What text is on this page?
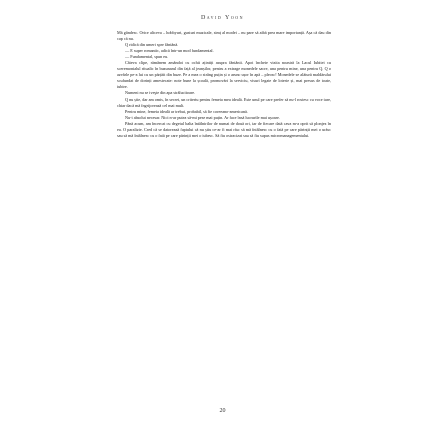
David Yoon

Mă gândesc. Orice altceva – hobbyuri, gusturi muzicale, simț al modei – nu pare să aibă prea mare importanță. Așa că dau din cap că nu.

Q ridică din umeri spre fântână.

— E super romantic, adică într-un mod fundamental.

— Fundamental, spun eu.

Câteva clipe, rămânem amândoi cu ochii ațintiți asupra fântânii. Apoi încheie vizita noastră la Lacul Iubitei cu sceremonialul ritualic în buzunarul din față al jeanșilor, pentru a extrage monedele sacre, una pentru mine, una pentru Q. Q o azvârle pe-a lui cu un părțăit din buze. Pe a mea o strâng puțin și o arunc ușor în apă – pleosc! Monedele se alătură maldărului scufundat de dorinți amestecate: note bune la școală, promovări la serviciu, visuri legate de loterie și, mai presus de toate, iubire.

Numeni nu se iveşte din apa strălucitoare.

Q nu știe, dar am omis, în secret, un criteriu pentru femeia mea ideală. Este unul pe care prefer să nu-l rostesc cu voce tare, chiar dacă mă îngrijorează cel mai mult.

Pentru mine, femeia ideală ar trebui, probabil, să fie coreeano-americană.

Nu-i absolut necesar. Nici n-ar putea să-mi pese mai puțin. Ar face însă lucrurile mai ușoare.

Până acum, am încercat cu degetul balta întâlnirilor de numai de două ori, iar de fiecare dată cava m-a oprit să plonjez în ea. O paralizie. Cred că se datorează faptului că nu știu ce-ar fi mai rău: să mă întâlnesc cu o fată pe care părinții mei o urăsc sau să mă întâlnesc cu o fată pe care părinții mei o iubesc. Să fiu ostracizat sau să fiu supus micromanagementului.

20
